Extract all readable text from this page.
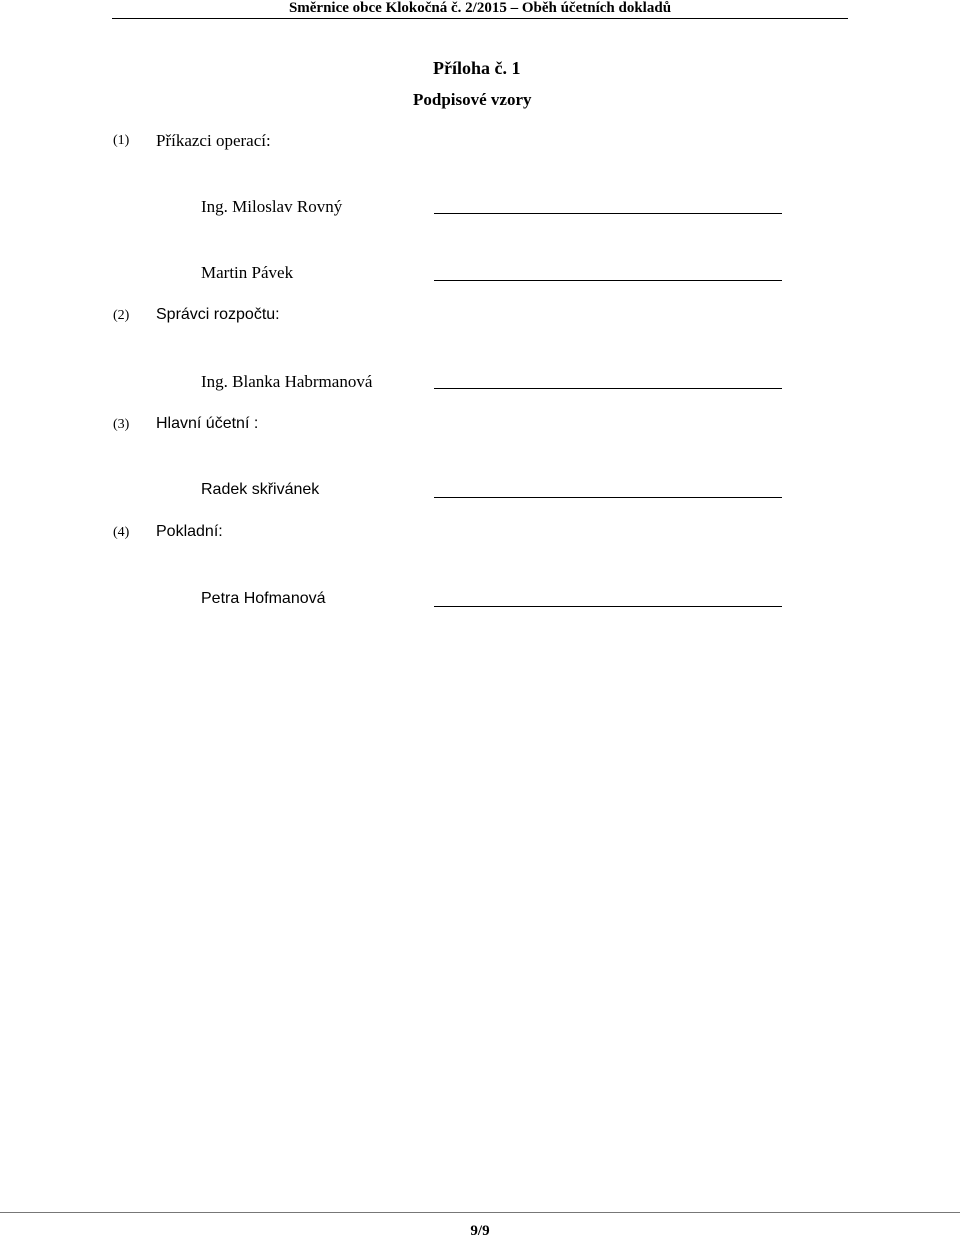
Směrnice obce Klokočná č. 2/2015 – Oběh účetních dokladů
Příloha č. 1
Podpisové vzory
(1) Příkazci operací:
Ing. Miloslav Rovný
Martin Pávek
(2) Správci rozpočtu:
Ing. Blanka Habrmanová
(3) Hlavní účetní :
Radek skřivánek
(4) Pokladní:
Petra Hofmanová
9/9
